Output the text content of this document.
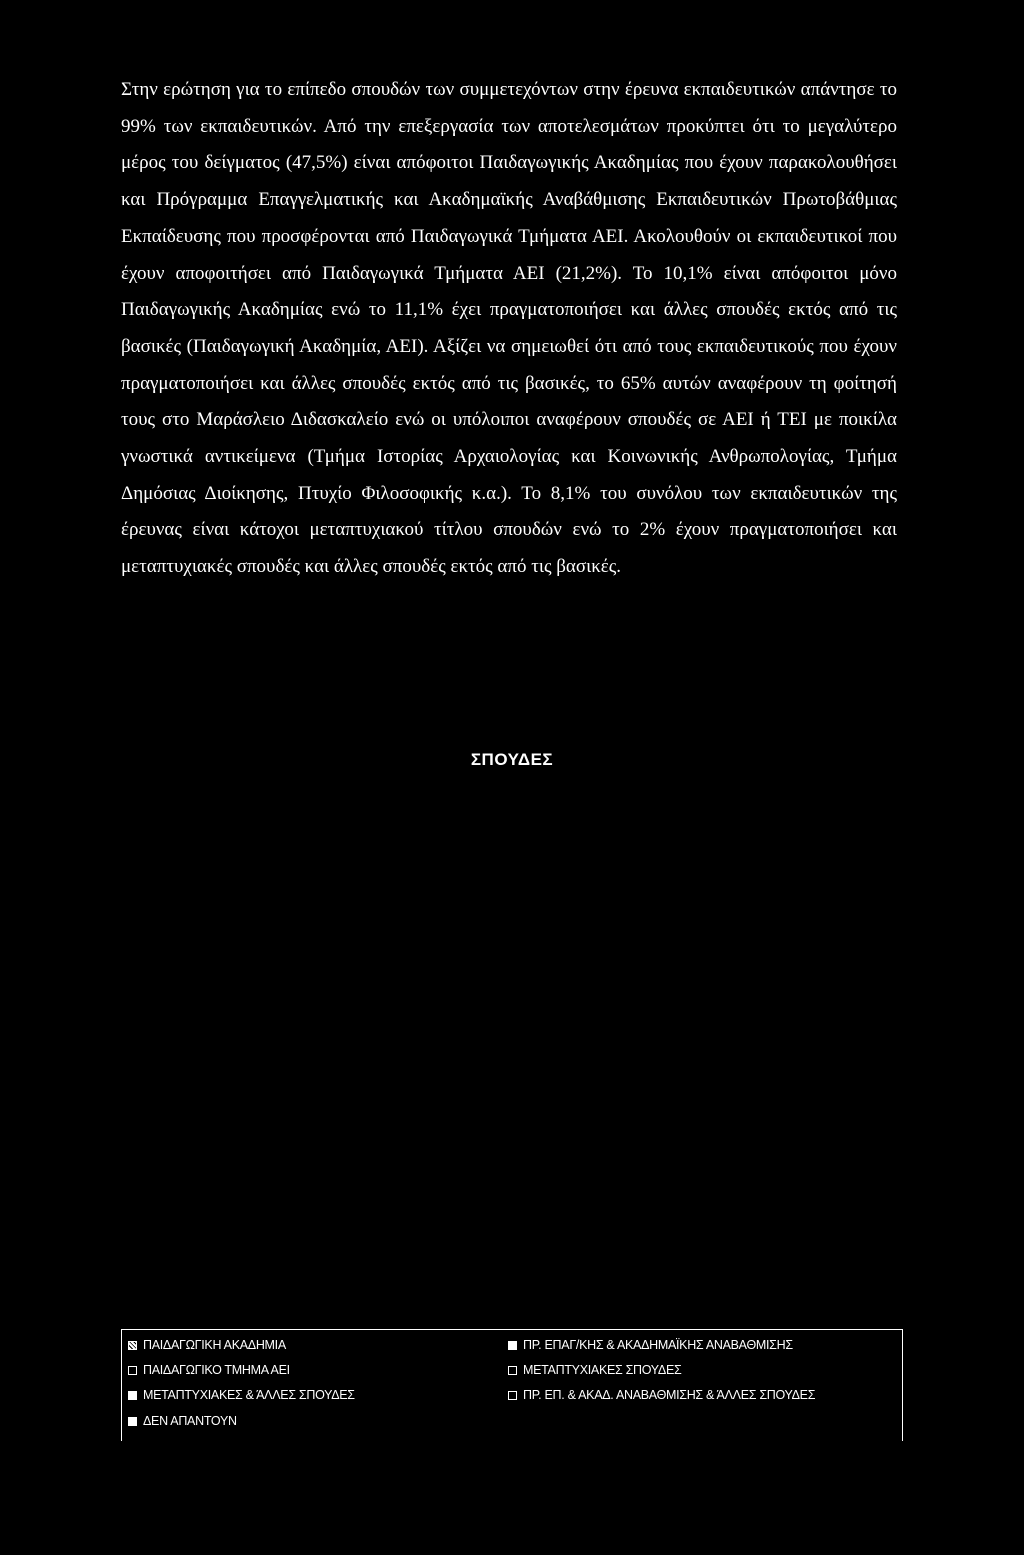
Στην ερώτηση για το επίπεδο σπουδών των συμμετεχόντων στην έρευνα εκπαιδευτικών απάντησε το 99% των εκπαιδευτικών. Από την επεξεργασία των αποτελεσμάτων προκύπτει ότι το μεγαλύτερο μέρος του δείγματος (47,5%) είναι απόφοιτοι Παιδαγωγικής Ακαδημίας που έχουν παρακολουθήσει και Πρόγραμμα Επαγγελματικής και Ακαδημαϊκής Αναβάθμισης Εκπαιδευτικών Πρωτοβάθμιας Εκπαίδευσης που προσφέρονται από Παιδαγωγικά Τμήματα ΑΕΙ. Ακολουθούν οι εκπαιδευτικοί που έχουν αποφοιτήσει από Παιδαγωγικά Τμήματα ΑΕΙ (21,2%). Το 10,1% είναι απόφοιτοι μόνο Παιδαγωγικής Ακαδημίας ενώ το 11,1% έχει πραγματοποιήσει και άλλες σπουδές εκτός από τις βασικές (Παιδαγωγική Ακαδημία, ΑΕΙ). Αξίζει να σημειωθεί ότι από τους εκπαιδευτικούς που έχουν πραγματοποιήσει και άλλες σπουδές εκτός από τις βασικές, το 65% αυτών αναφέρουν τη φοίτησή τους στο Μαράσλειο Διδασκαλείο ενώ οι υπόλοιποι αναφέρουν σπουδές σε ΑΕΙ ή ΤΕΙ με ποικίλα γνωστικά αντικείμενα (Τμήμα Ιστορίας Αρχαιολογίας και Κοινωνικής Ανθρωπολογίας, Τμήμα Δημόσιας Διοίκησης, Πτυχίο Φιλοσοφικής κ.α.). Το 8,1% του συνόλου των εκπαιδευτικών της έρευνας είναι κάτοχοι μεταπτυχιακού τίτλου σπουδών ενώ το 2% έχουν πραγματοποιήσει και μεταπτυχιακές σπουδές και άλλες σπουδές εκτός από τις βασικές.

ΣΠΟΥΔΕΣ
ΠΑΙΔΑΓΩΓΙΚΗ ΑΚΑΔΗΜΙΑ	ΠΡ. ΕΠΑΓ/ΚΗΣ & ΑΚΑΔΗΜΑΪΚΗΣ ΑΝΑΒΑΘΜΙΣΗΣ
ΠΑΙΔΑΓΩΓΙΚΟ ΤΜΗΜΑ ΑΕΙ	ΜΕΤΑΠΤΥΧΙΑΚΕΣ ΣΠΟΥΔΕΣ
ΜΕΤΑΠΤΥΧΙΑΚΕΣ & ΆΛΛΕΣ ΣΠΟΥΔΕΣ	ΠΡ. ΕΠ. & ΑΚΑΔ. ΑΝΑΒΑΘΜΙΣΗΣ & ΆΛΛΕΣ ΣΠΟΥΔΕΣ
ΔΕΝ ΑΠΑΝΤΟΥΝ
